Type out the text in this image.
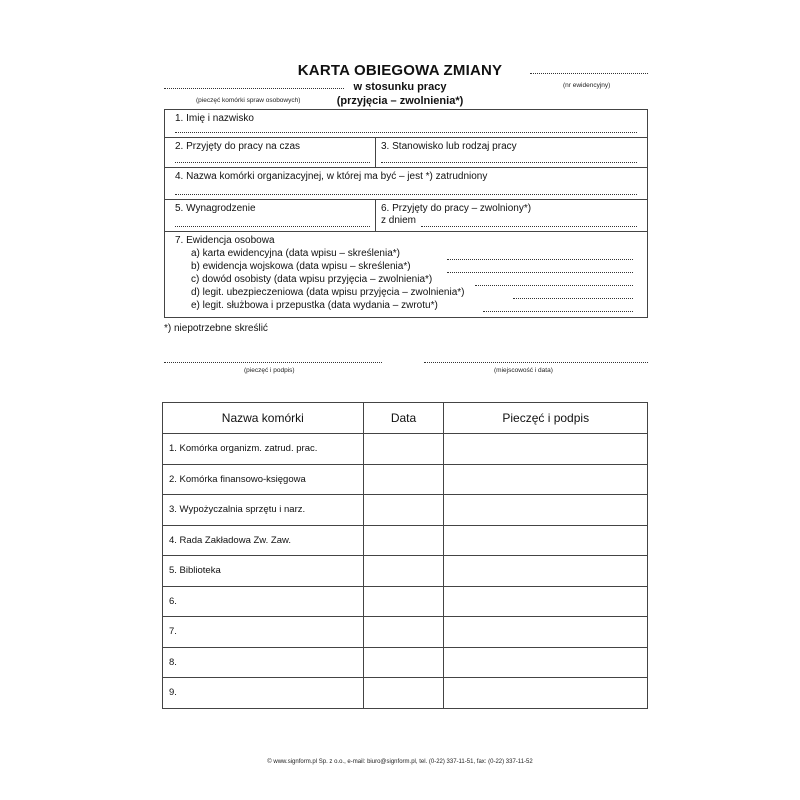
KARTA OBIEGOWA ZMIANY
w stosunku pracy
(przyjęcia – zwolnienia*)
(pieczęć komórki spraw osobowych)
(nr ewidencyjny)
1. Imię i nazwisko
2. Przyjęty do pracy na czas	3. Stanowisko lub rodzaj pracy
4. Nazwa komórki organizacyjnej, w której ma być – jest *) zatrudniony
5. Wynagrodzenie	6. Przyjęty do pracy – zwolniony*)
z dniem
7. Ewidencja osobowa
a) karta ewidencyjna (data wpisu – skreślenia*)
b) ewidencja wojskowa (data wpisu – skreślenia*)
c) dowód osobisty (data wpisu przyjęcia – zwolnienia*)
d) legit. ubezpieczeniowa (data wpisu przyjęcia – zwolnienia*)
e) legit. służbowa i przepustka (data wydania – zwrotu*)
*) niepotrzebne skreślić
(pieczęć i podpis)	(miejscowość i data)
Nazwa komórki	Data	Pieczęć i podpis
1. Komórka organizm. zatrud. prac.		
2. Komórka finansowo-księgowa		
3. Wypożyczalnia sprzętu i narz.		
4. Rada Zakładowa Zw. Zaw.		
5. Biblioteka		
6.		
7.		
8.		
9.		
© www.signform.pl Sp. z o.o., e-mail: biuro@signform.pl, tel. (0-22) 337-11-51, fax: (0-22) 337-11-52
